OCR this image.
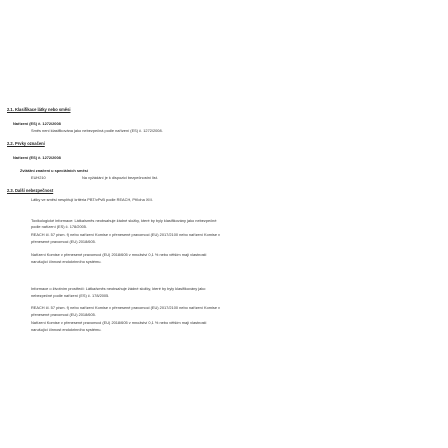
2.1. Klasifikace látky nebo směsi
Nařízení (ES) č. 1272/2008
Směs není klasifikována jako nebezpečná podle nařízení (ES) č. 1272/2008.
2.2. Prvky označení
Nařízení (ES) č. 1272/2008
Zvláštní značení u speciálních směsí
EUH210	Na vyžádání je k dispozici bezpečnostní list.
2.3. Další nebezpečnost
Látky ve směsi nesplňují kritéria PBT/vPvB podle REACH, Příloha XIII.
Toxikologické informace: Látka/směs neobsahuje žádné složky, které by byly klasifikovány jako nebezpečné
podle nařízení (ES) č. 178/2005.
REACH čl. 57 písm. f) nebo nařízení Komise v přenesené pravomoci (EU) 2017/2100 nebo nařízení Komise v
přenesené pravomoci (EU) 2018/605.
Nařízení Komise v přenesené pravomoci (EU) 2018/605 v množství 0,1 % nebo větším mají vlastnosti
narušující činnost endokrinního systému.
Informace o životním prostředí: Látka/směs neobsahuje žádné složky, které by byly klasifikovány jako
nebezpečné podle nařízení (ES) č. 178/2005.
REACH čl. 57 písm. f) nebo nařízení Komise v přenesené pravomoci (EU) 2017/2100 nebo nařízení Komise v
přenesené pravomoci (EU) 2018/605.
Nařízení Komise v přenesené pravomoci (EU) 2018/605 v množství 0,1 % nebo větším mají vlastnosti
narušující činnost endokrinního systému.
